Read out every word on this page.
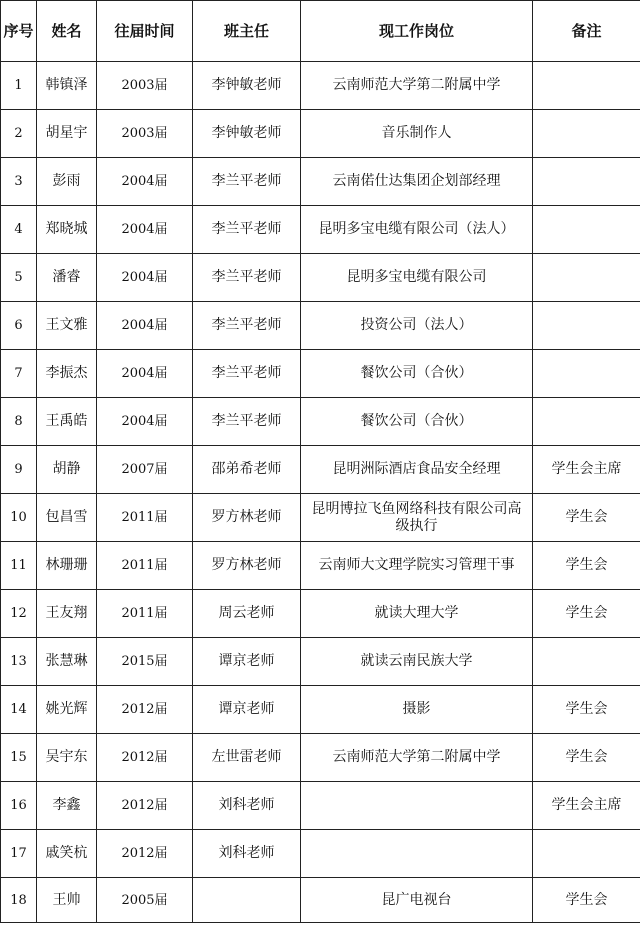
序号	姓名	往届时间	班主任	现工作岗位	备注
1	韩镇泽	2003届	李钟敏老师	云南师范大学第二附属中学	
2	胡星宇	2003届	李钟敏老师	音乐制作人	
3	彭雨	2004届	李兰平老师	云南偌仕达集团企划部经理	
4	郑晓城	2004届	李兰平老师	昆明多宝电缆有限公司（法人）	
5	潘睿	2004届	李兰平老师	昆明多宝电缆有限公司	
6	王文雅	2004届	李兰平老师	投资公司（法人）	
7	李振杰	2004届	李兰平老师	餐饮公司（合伙）	
8	王禹皓	2004届	李兰平老师	餐饮公司（合伙）	
9	胡静	2007届	邵弟希老师	昆明洲际酒店食品安全经理	学生会主席
10	包昌雪	2011届	罗方林老师	昆明博拉飞鱼网络科技有限公司高级执行	学生会
11	林珊珊	2011届	罗方林老师	云南师大文理学院实习管理干事	学生会
12	王友翔	2011届	周云老师	就读大理大学	学生会
13	张慧琳	2015届	谭京老师	就读云南民族大学	
14	姚光辉	2012届	谭京老师	摄影	学生会
15	吴宇东	2012届	左世雷老师	云南师范大学第二附属中学	学生会
16	李鑫	2012届	刘科老师		学生会主席
17	戚笑杭	2012届	刘科老师		
18	王帅	2005届		昆广电视台	学生会
